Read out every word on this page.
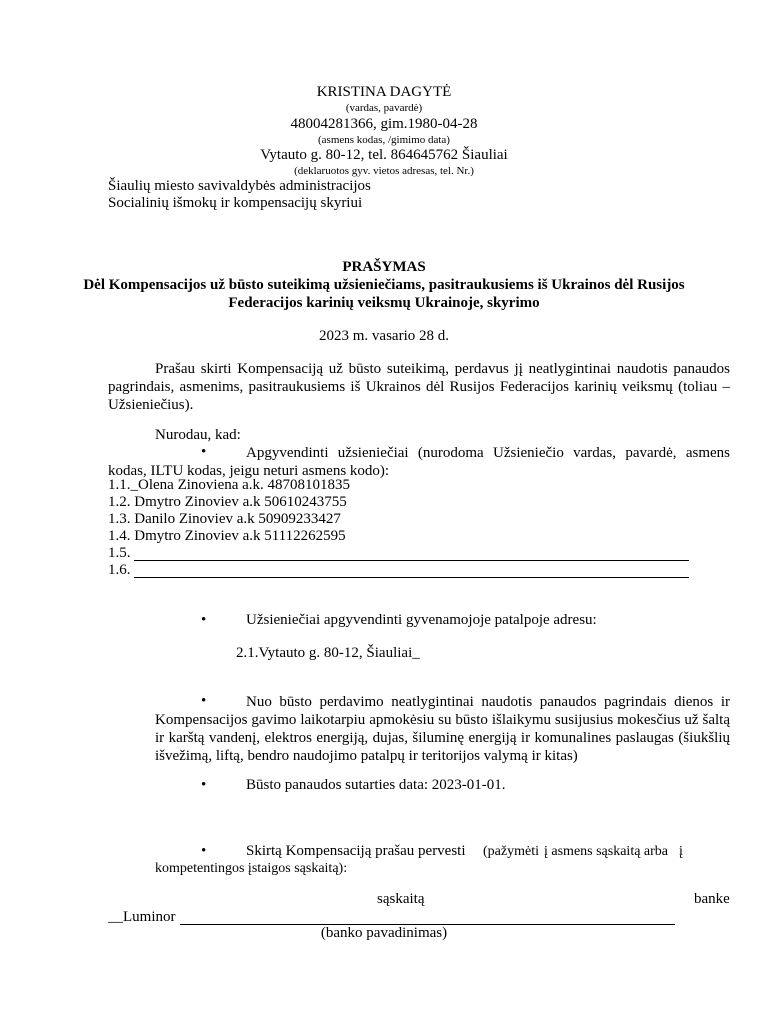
KRISTINA DAGYTĖ
(vardas, pavardė)
48004281366, gim.1980-04-28
(asmens kodas, /gimimo data)
Vytauto g. 80-12, tel. 864645762 Šiauliai
(deklaruotos gyv. vietos adresas, tel. Nr.)
Šiaulių miesto savivaldybės administracijos
Socialinių išmokų ir kompensacijų skyriui
PRAŠYMAS
Dėl Kompensacijos už būsto suteikimą užsieniečiams, pasitraukusiems iš Ukrainos dėl Rusijos
Federacijos karinių veiksmų Ukrainoje, skyrimo
2023 m. vasario 28 d.
Prašau skirti Kompensaciją už būsto suteikimą, perdavus jį neatlygintinai naudotis panaudos pagrindais, asmenims, pasitraukusiems iš Ukrainos dėl Rusijos Federacijos karinių veiksmų (toliau – Užsieniečius).
Nurodau, kad:
•	Apgyvendinti užsieniečiai (nurodoma Užsieniečio vardas, pavardė, asmens kodas, ILTU kodas, jeigu neturi asmens kodo):
1.1._Olena Zinoviena a.k. 48708101835
1.2. Dmytro Zinoviev a.k 50610243755
1.3. Danilo Zinoviev a.k 50909233427
1.4. Dmytro Zinoviev a.k 51112262595
1.5.
1.6.
•	Užsieniečiai apgyvendinti gyvenamojoje patalpoje adresu:
2.1.Vytauto g. 80-12, Šiauliai_
•	Nuo būsto perdavimo neatlygintinai naudotis panaudos pagrindais dienos ir Kompensacijos gavimo laikotarpiu apmokėsiu su būsto išlaikymu susijusius mokesčius už šaltą ir karštą vandenį, elektros energiją, dujas, šiluminę energiją ir komunalines paslaugas (šiukšlių išvežimą, liftą, bendro naudojimo patalpų ir teritorijos valymą ir kitas)
•	Būsto panaudos sutarties data: 2023-01-01.
•	Skirtą Kompensaciją prašau pervesti (pažymėti į asmens sąskaitą arba į
kompetentingos įstaigos sąskaitą):
sąskaitą	banke
__Luminor
(banko pavadinimas)
